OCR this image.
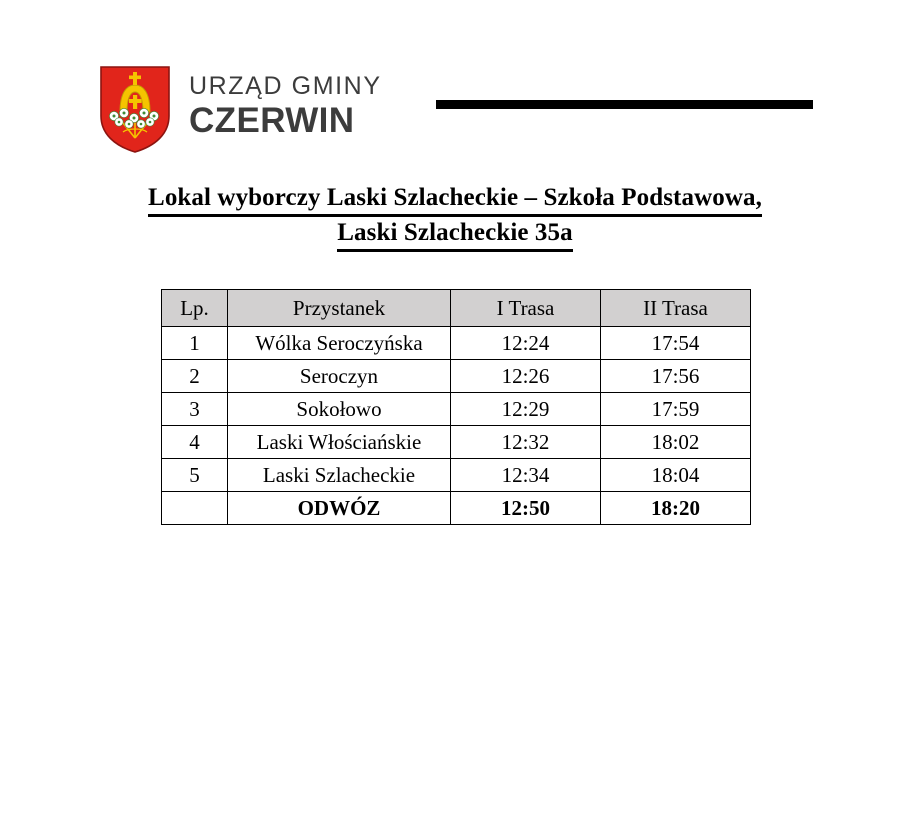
URZĄD GMINY
CZERWIN
Lokal wyborczy Laski Szlacheckie – Szkoła Podstawowa,
Laski Szlacheckie 35a
Lp.	Przystanek	I Trasa	II Trasa
1	Wólka Seroczyńska	12:24	17:54
2	Seroczyn	12:26	17:56
3	Sokołowo	12:29	17:59
4	Laski Włościańskie	12:32	18:02
5	Laski Szlacheckie	12:34	18:04
	ODWÓZ	12:50	18:20
